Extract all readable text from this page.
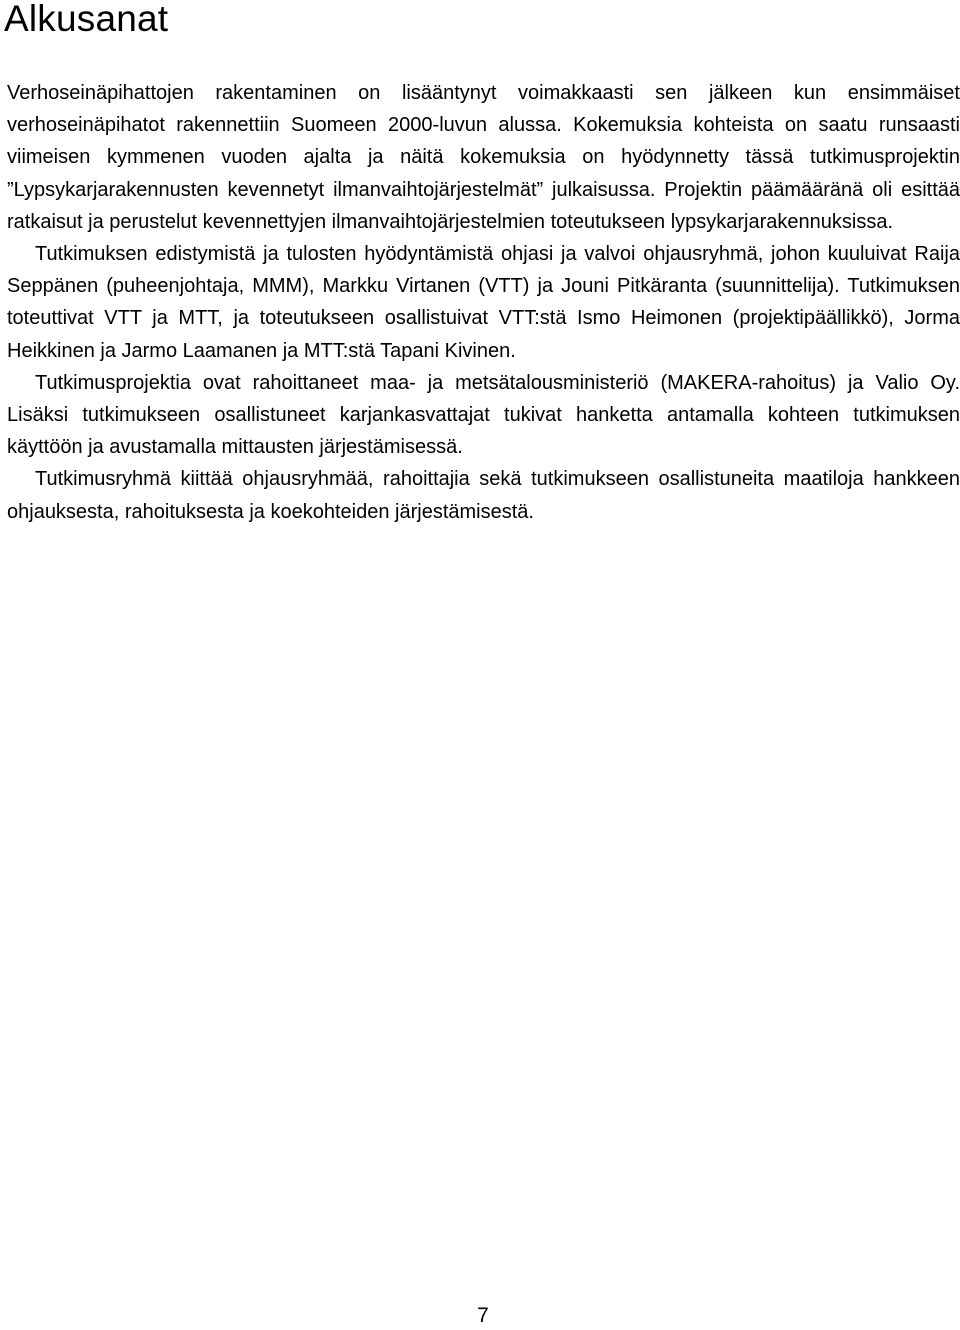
Alkusanat

Verhoseinäpihattojen rakentaminen on lisääntynyt voimakkaasti sen jälkeen kun ensimmäiset verhoseinäpihatot rakennettiin Suomeen 2000-luvun alussa. Kokemuksia kohteista on saatu runsaasti viimeisen kymmenen vuoden ajalta ja näitä kokemuksia on hyödynnetty tässä tutkimusprojektin ”Lypsykarjarakennusten kevennetyt ilmanvaihtojärjestelmät” julkaisussa. Projektin päämääränä oli esittää ratkaisut ja perustelut kevennettyjen ilmanvaihtojärjestelmien toteutukseen lypsykarjarakennuksissa.

Tutkimuksen edistymistä ja tulosten hyödyntämistä ohjasi ja valvoi ohjausryhmä, johon kuuluivat Raija Seppänen (puheenjohtaja, MMM), Markku Virtanen (VTT) ja Jouni Pitkäranta (suunnittelija). Tutkimuksen toteuttivat VTT ja MTT, ja toteutukseen osallistuivat VTT:stä Ismo Heimonen (projektipäällikkö), Jorma Heikkinen ja Jarmo Laamanen ja MTT:stä Tapani Kivinen.

Tutkimusprojektia ovat rahoittaneet maa- ja metsätalousministeriö (MAKERA-rahoitus) ja Valio Oy. Lisäksi tutkimukseen osallistuneet karjankasvattajat tukivat hanketta antamalla kohteen tutkimuksen käyttöön ja avustamalla mittausten järjestämisessä.

Tutkimusryhmä kiittää ohjausryhmää, rahoittajia sekä tutkimukseen osallistuneita maatiloja hankkeen ohjauksesta, rahoituksesta ja koekohteiden järjestämisestä.

7
